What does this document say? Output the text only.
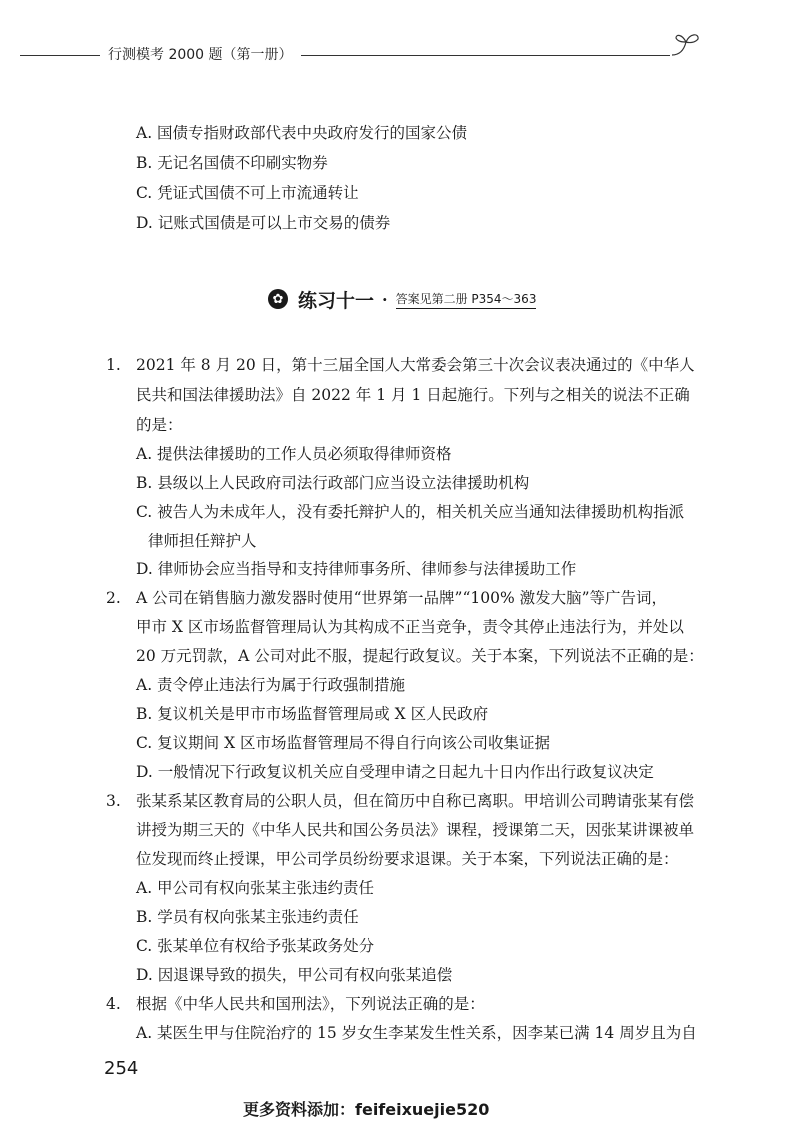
行测模考 2000 题（第一册）
A. 国债专指财政部代表中央政府发行的国家公债
B. 无记名国债不印刷实物券
C. 凭证式国债不可上市流通转让
D. 记账式国债是可以上市交易的债券
✿ 练习十一 · 答案见第二册 P354～363
1. 2021 年 8 月 20 日，第十三届全国人大常委会第三十次会议表决通过的《中华人
民共和国法律援助法》自 2022 年 1 月 1 日起施行。下列与之相关的说法不正确
的是：
A. 提供法律援助的工作人员必须取得律师资格
B. 县级以上人民政府司法行政部门应当设立法律援助机构
C. 被告人为未成年人，没有委托辩护人的，相关机关应当通知法律援助机构指派
律师担任辩护人
D. 律师协会应当指导和支持律师事务所、律师参与法律援助工作
2. A 公司在销售脑力激发器时使用“世界第一品牌”“100% 激发大脑”等广告词，
甲市 X 区市场监督管理局认为其构成不正当竞争，责令其停止违法行为，并处以
20 万元罚款，A 公司对此不服，提起行政复议。关于本案，下列说法不正确的是：
A. 责令停止违法行为属于行政强制措施
B. 复议机关是甲市市场监督管理局或 X 区人民政府
C. 复议期间 X 区市场监督管理局不得自行向该公司收集证据
D. 一般情况下行政复议机关应自受理申请之日起九十日内作出行政复议决定
3. 张某系某区教育局的公职人员，但在简历中自称已离职。甲培训公司聘请张某有偿
讲授为期三天的《中华人民共和国公务员法》课程，授课第二天，因张某讲课被单
位发现而终止授课，甲公司学员纷纷要求退课。关于本案，下列说法正确的是：
A. 甲公司有权向张某主张违约责任
B. 学员有权向张某主张违约责任
C. 张某单位有权给予张某政务处分
D. 因退课导致的损失，甲公司有权向张某追偿
4. 根据《中华人民共和国刑法》，下列说法正确的是：
A. 某医生甲与住院治疗的 15 岁女生李某发生性关系，因李某已满 14 周岁且为自
254
更多资料添加：feifeixuejie520
